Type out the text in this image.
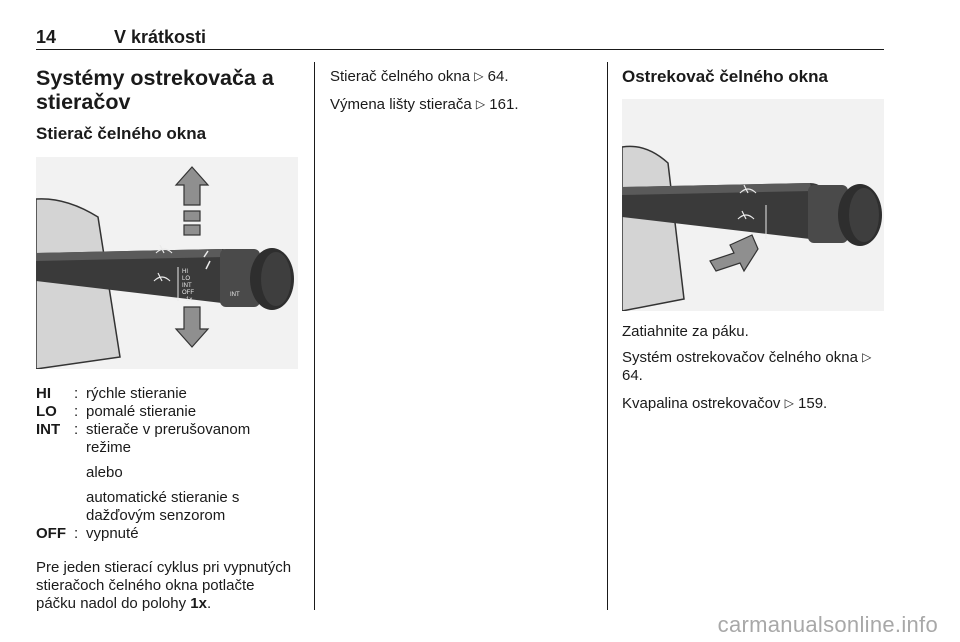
14	V krátkosti
Systémy ostrekovača a stieračov
Stierač čelného okna
HI
LO
INT
OFF
1x
INT
HI	: rýchle stieranie
LO	: pomalé stieranie
INT : stierače v prerušovanom režime
alebo
automatické stieranie s dažďovým senzorom
OFF : vypnuté

Pre jeden stierací cyklus pri vypnutých stieračoch čelného okna potlačte páčku nadol do polohy 1x.

Stierač čelného okna ▷ 64.

Výmena lišty stierača ▷ 161.

Ostrekovač čelného okna

Zatiahnite za páku.

Systém ostrekovačov čelného okna ▷ 64.

Kvapalina ostrekovačov ▷ 159.

carmanualsonline.info
